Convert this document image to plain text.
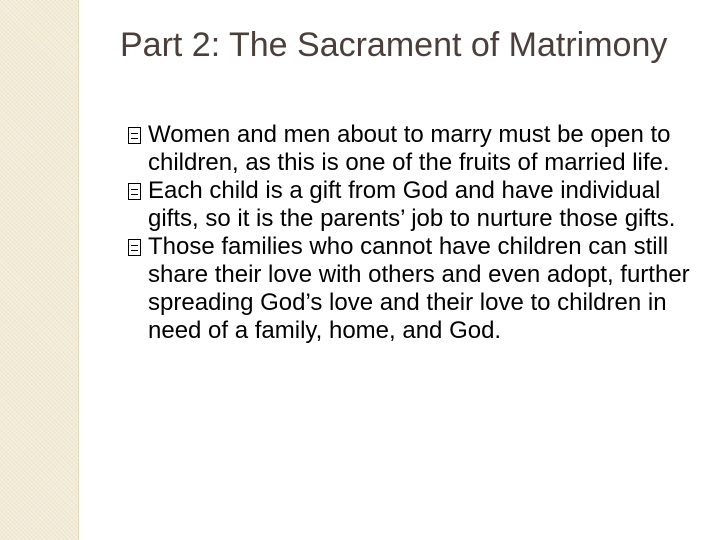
Part 2: The Sacrament of Matrimony
Women and men about to marry must be open to children, as this is one of the fruits of married life.
Each child is a gift from God and have individual gifts, so it is the parents’ job to nurture those gifts.
Those families who cannot have children can still share their love with others and even adopt, further spreading God’s love and their love to children in need of a family, home, and God.
